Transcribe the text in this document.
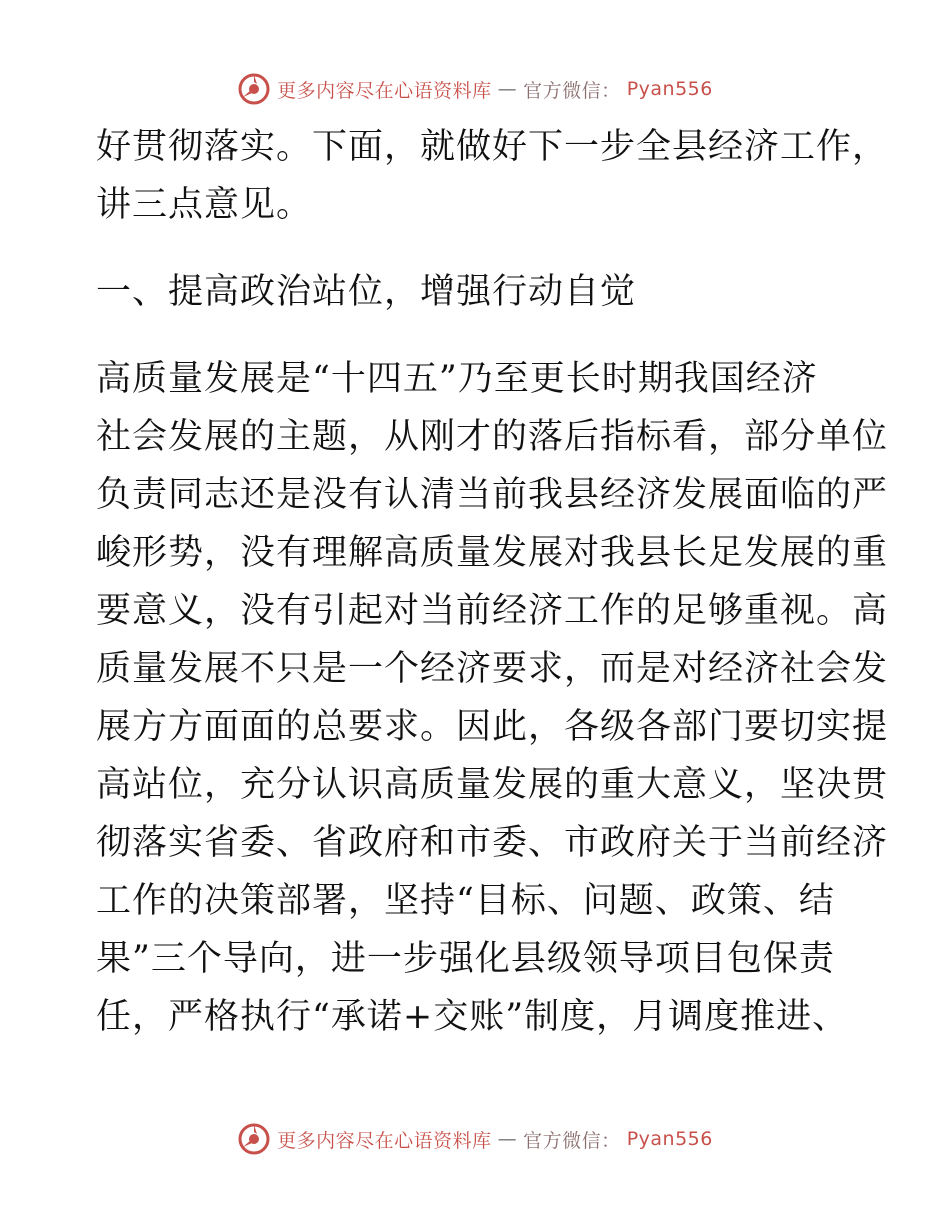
更多内容尽在心语资料库 — 官方微信： Pyan556
好贯彻落实。下面，就做好下一步全县经济工作，
讲三点意见。
一、提高政治站位，增强行动自觉
高质量发展是“十四五”乃至更长时期我国经济
社会发展的主题，从刚才的落后指标看，部分单位
负责同志还是没有认清当前我县经济发展面临的严
峻形势，没有理解高质量发展对我县长足发展的重
要意义，没有引起对当前经济工作的足够重视。高
质量发展不只是一个经济要求，而是对经济社会发
展方方面面的总要求。因此，各级各部门要切实提
高站位，充分认识高质量发展的重大意义，坚决贯
彻落实省委、省政府和市委、市政府关于当前经济
工作的决策部署，坚持“目标、问题、政策、结
果”三个导向，进一步强化县级领导项目包保责
任，严格执行“承诺+交账”制度，月调度推进、
更多内容尽在心语资料库 — 官方微信： Pyan556
